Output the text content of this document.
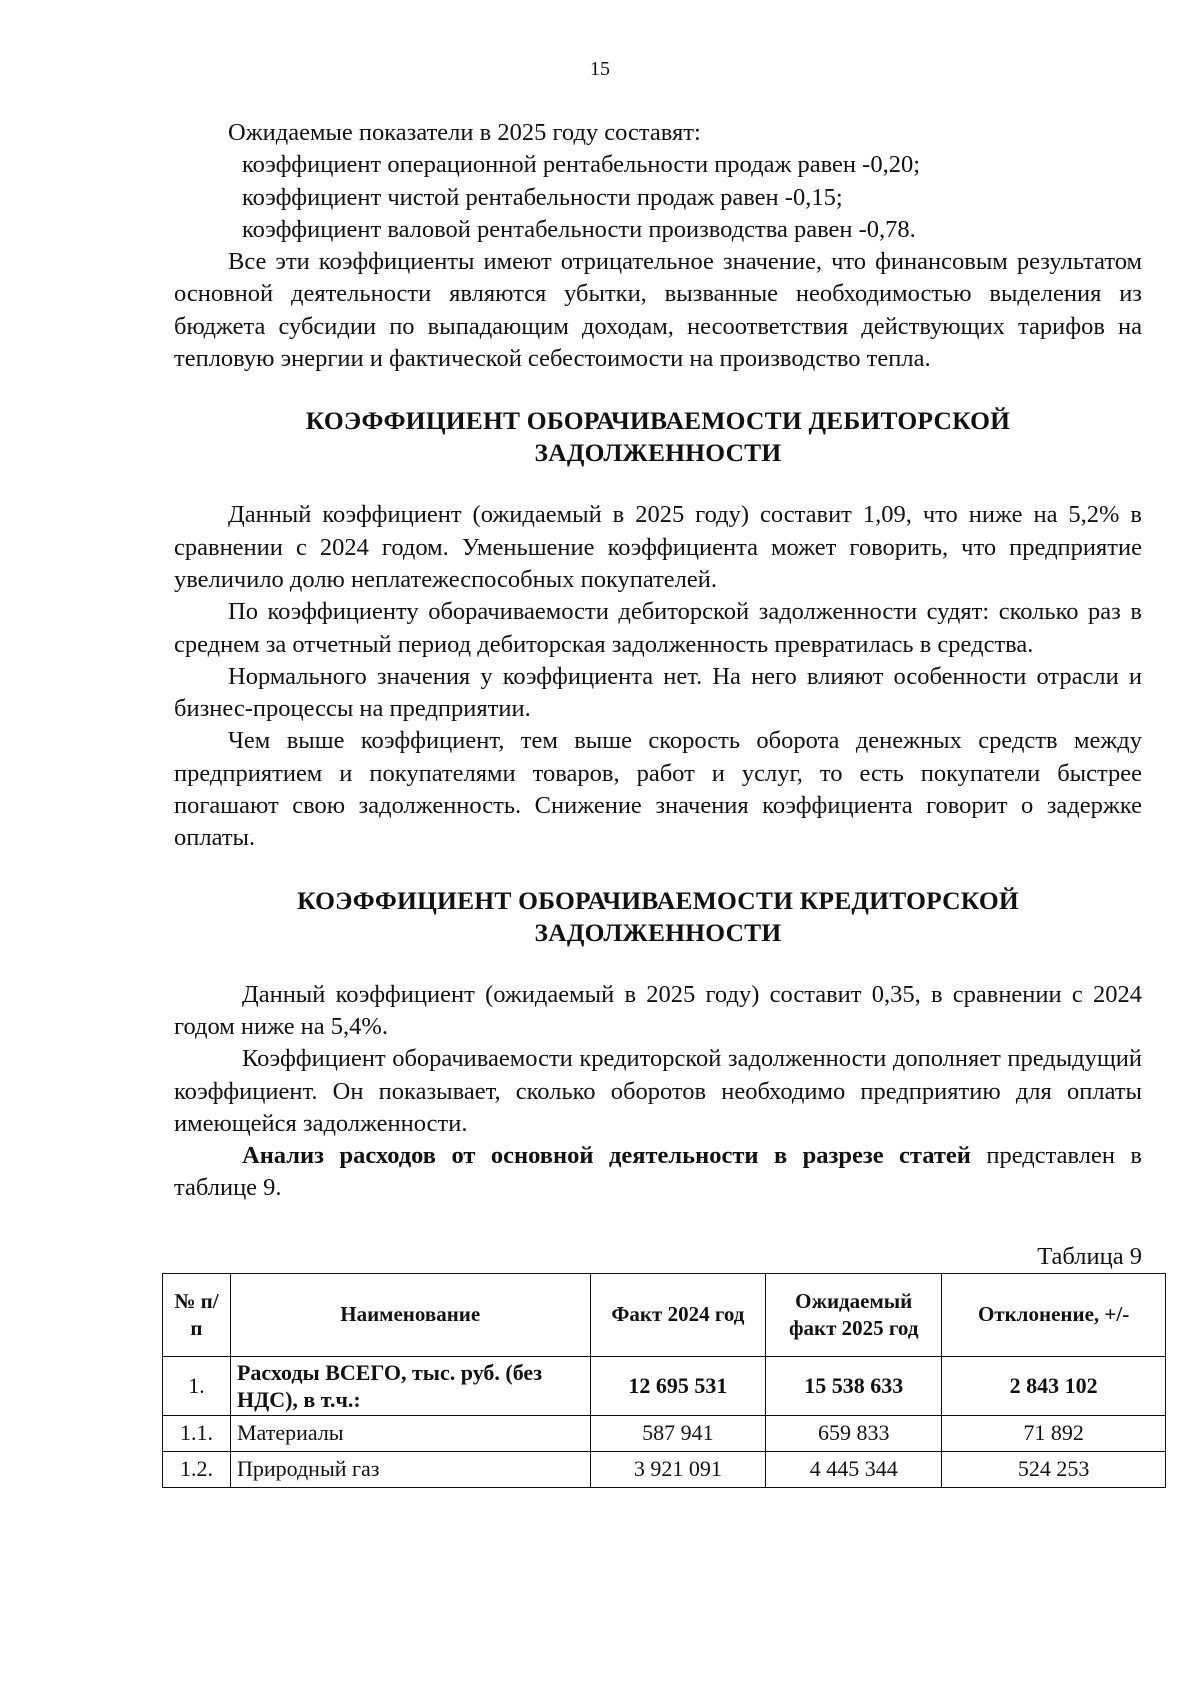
15

Ожидаемые показатели в 2025 году составят:

коэффициент операционной рентабельности продаж равен -0,20;

коэффициент чистой рентабельности продаж равен -0,15;

коэффициент валовой рентабельности производства равен -0,78.

Все эти коэффициенты имеют отрицательное значение, что финансовым результатом основной деятельности являются убытки, вызванные необходимостью выделения из бюджета субсидии по выпадающим доходам, несоответствия действующих тарифов на тепловую энергии и фактической себестоимости на производство тепла.

КОЭФФИЦИЕНТ ОБОРАЧИВАЕМОСТИ ДЕБИТОРСКОЙ
ЗАДОЛЖЕННОСТИ

Данный коэффициент (ожидаемый в 2025 году) составит 1,09, что ниже на 5,2% в сравнении с 2024 годом. Уменьшение коэффициента может говорить, что предприятие увеличило долю неплатежеспособных покупателей.

По коэффициенту оборачиваемости дебиторской задолженности судят: сколько раз в среднем за отчетный период дебиторская задолженность превратилась в средства.

Нормального значения у коэффициента нет. На него влияют особенности отрасли и бизнес-процессы на предприятии.

Чем выше коэффициент, тем выше скорость оборота денежных средств между предприятием и покупателями товаров, работ и услуг, то есть покупатели быстрее погашают свою задолженность. Снижение значения коэффициента говорит о задержке оплаты.

КОЭФФИЦИЕНТ ОБОРАЧИВАЕМОСТИ КРЕДИТОРСКОЙ
ЗАДОЛЖЕННОСТИ

Данный коэффициент (ожидаемый в 2025 году) составит 0,35, в сравнении с 2024 годом ниже на 5,4%.

Коэффициент оборачиваемости кредиторской задолженности дополняет предыдущий коэффициент. Он показывает, сколько оборотов необходимо предприятию для оплаты имеющейся задолженности.

Анализ расходов от основной деятельности в разрезе статей представлен в таблице 9.

Таблица 9
№ п/п	Наименование	Факт 2024 год	Ожидаемый факт 2025 год	Отклонение, +/-
1.	Расходы ВСЕГО, тыс. руб. (без НДС), в т.ч.:	12 695 531	15 538 633	2 843 102
1.1.	Материалы	587 941	659 833	71 892
1.2.	Природный газ	3 921 091	4 445 344	524 253
